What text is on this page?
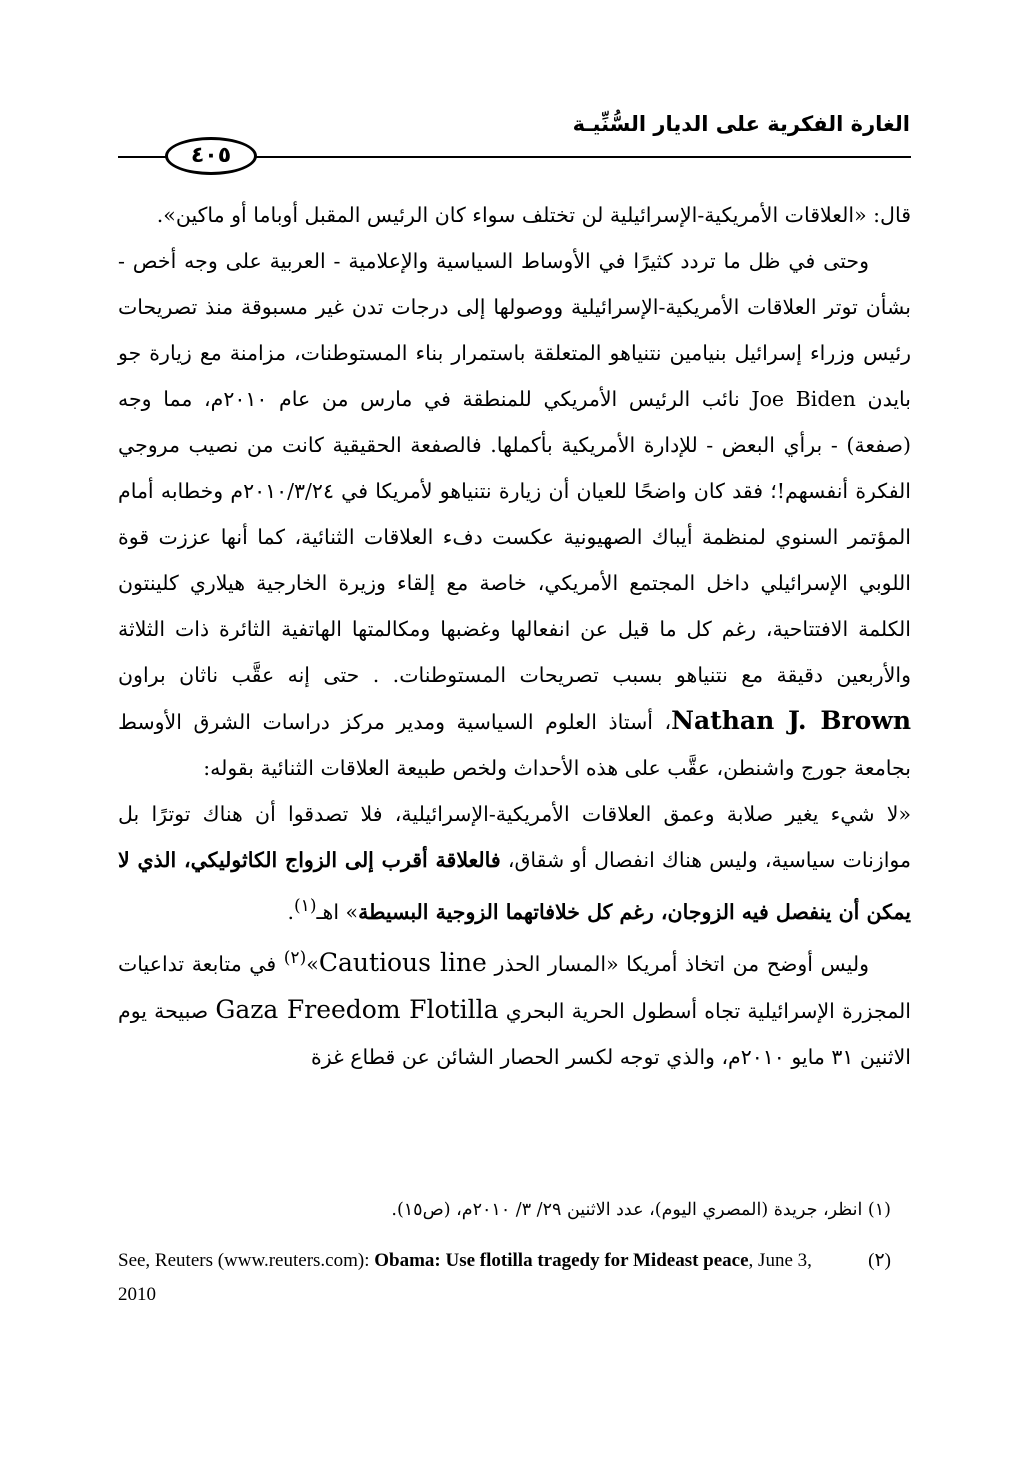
الغارة الفكرية على الديار السُّنِّيـة
٤٠٥

قال: «العلاقات الأمريكية-الإسرائيلية لن تختلف سواء كان الرئيس المقبل أوباما أو ماكين».

وحتى في ظل ما تردد كثيرًا في الأوساط السياسية والإعلامية - العربية على وجه أخص - بشأن توتر العلاقات الأمريكية-الإسرائيلية ووصولها إلى درجات تدن غير مسبوقة منذ تصريحات رئيس وزراء إسرائيل بنيامين نتنياهو المتعلقة باستمرار بناء المستوطنات، مزامنة مع زيارة جو بايدن Joe Biden نائب الرئيس الأمريكي للمنطقة في مارس من عام ٢٠١٠م، مما وجه (صفعة) - برأي البعض - للإدارة الأمريكية بأكملها. فالصفعة الحقيقية كانت من نصيب مروجي الفكرة أنفسهم!؛ فقد كان واضحًا للعيان أن زيارة نتنياهو لأمريكا في ٢٠١٠/٣/٢٤م وخطابه أمام المؤتمر السنوي لمنظمة أيباك الصهيونية عكست دفء العلاقات الثنائية، كما أنها عززت قوة اللوبي الإسرائيلي داخل المجتمع الأمريكي، خاصة مع إلقاء وزيرة الخارجية هيلاري كلينتون الكلمة الافتتاحية، رغم كل ما قيل عن انفعالها وغضبها ومكالمتها الهاتفية الثائرة ذات الثلاثة والأربعين دقيقة مع نتنياهو بسبب تصريحات المستوطنات. . حتى إنه عقَّب ناثان براون Nathan J. Brown، أستاذ العلوم السياسية ومدير مركز دراسات الشرق الأوسط بجامعة جورج واشنطن، عقَّب على هذه الأحداث ولخص طبيعة العلاقات الثنائية بقوله:

«لا شيء يغير صلابة وعمق العلاقات الأمريكية-الإسرائيلية، فلا تصدقوا أن هناك توترًا بل موازنات سياسية، وليس هناك انفصال أو شقاق، فالعلاقة أقرب إلى الزواج الكاثوليكي، الذي لا يمكن أن ينفصل فيه الزوجان، رغم كل خلافاتهما الزوجية البسيطة» اهـ$^{(١)}$.

وليس أوضح من اتخاذ أمريكا «المسار الحذر Cautious line»$^{(٢)}$ في متابعة تداعيات المجزرة الإسرائيلية تجاه أسطول الحرية البحري Gaza Freedom Flotilla صبيحة يوم الاثنين ٣١ مايو ٢٠١٠م، والذي توجه لكسر الحصار الشائن عن قطاع غزة

(١) انظر، جريدة (المصري اليوم)، عدد الاثنين ٢٩/ ٣/ ٢٠١٠م، (ص١٥).
(٢)
See, Reuters (www.reuters.com): Obama: Use flotilla tragedy for Mideast peace, June 3, 2010
